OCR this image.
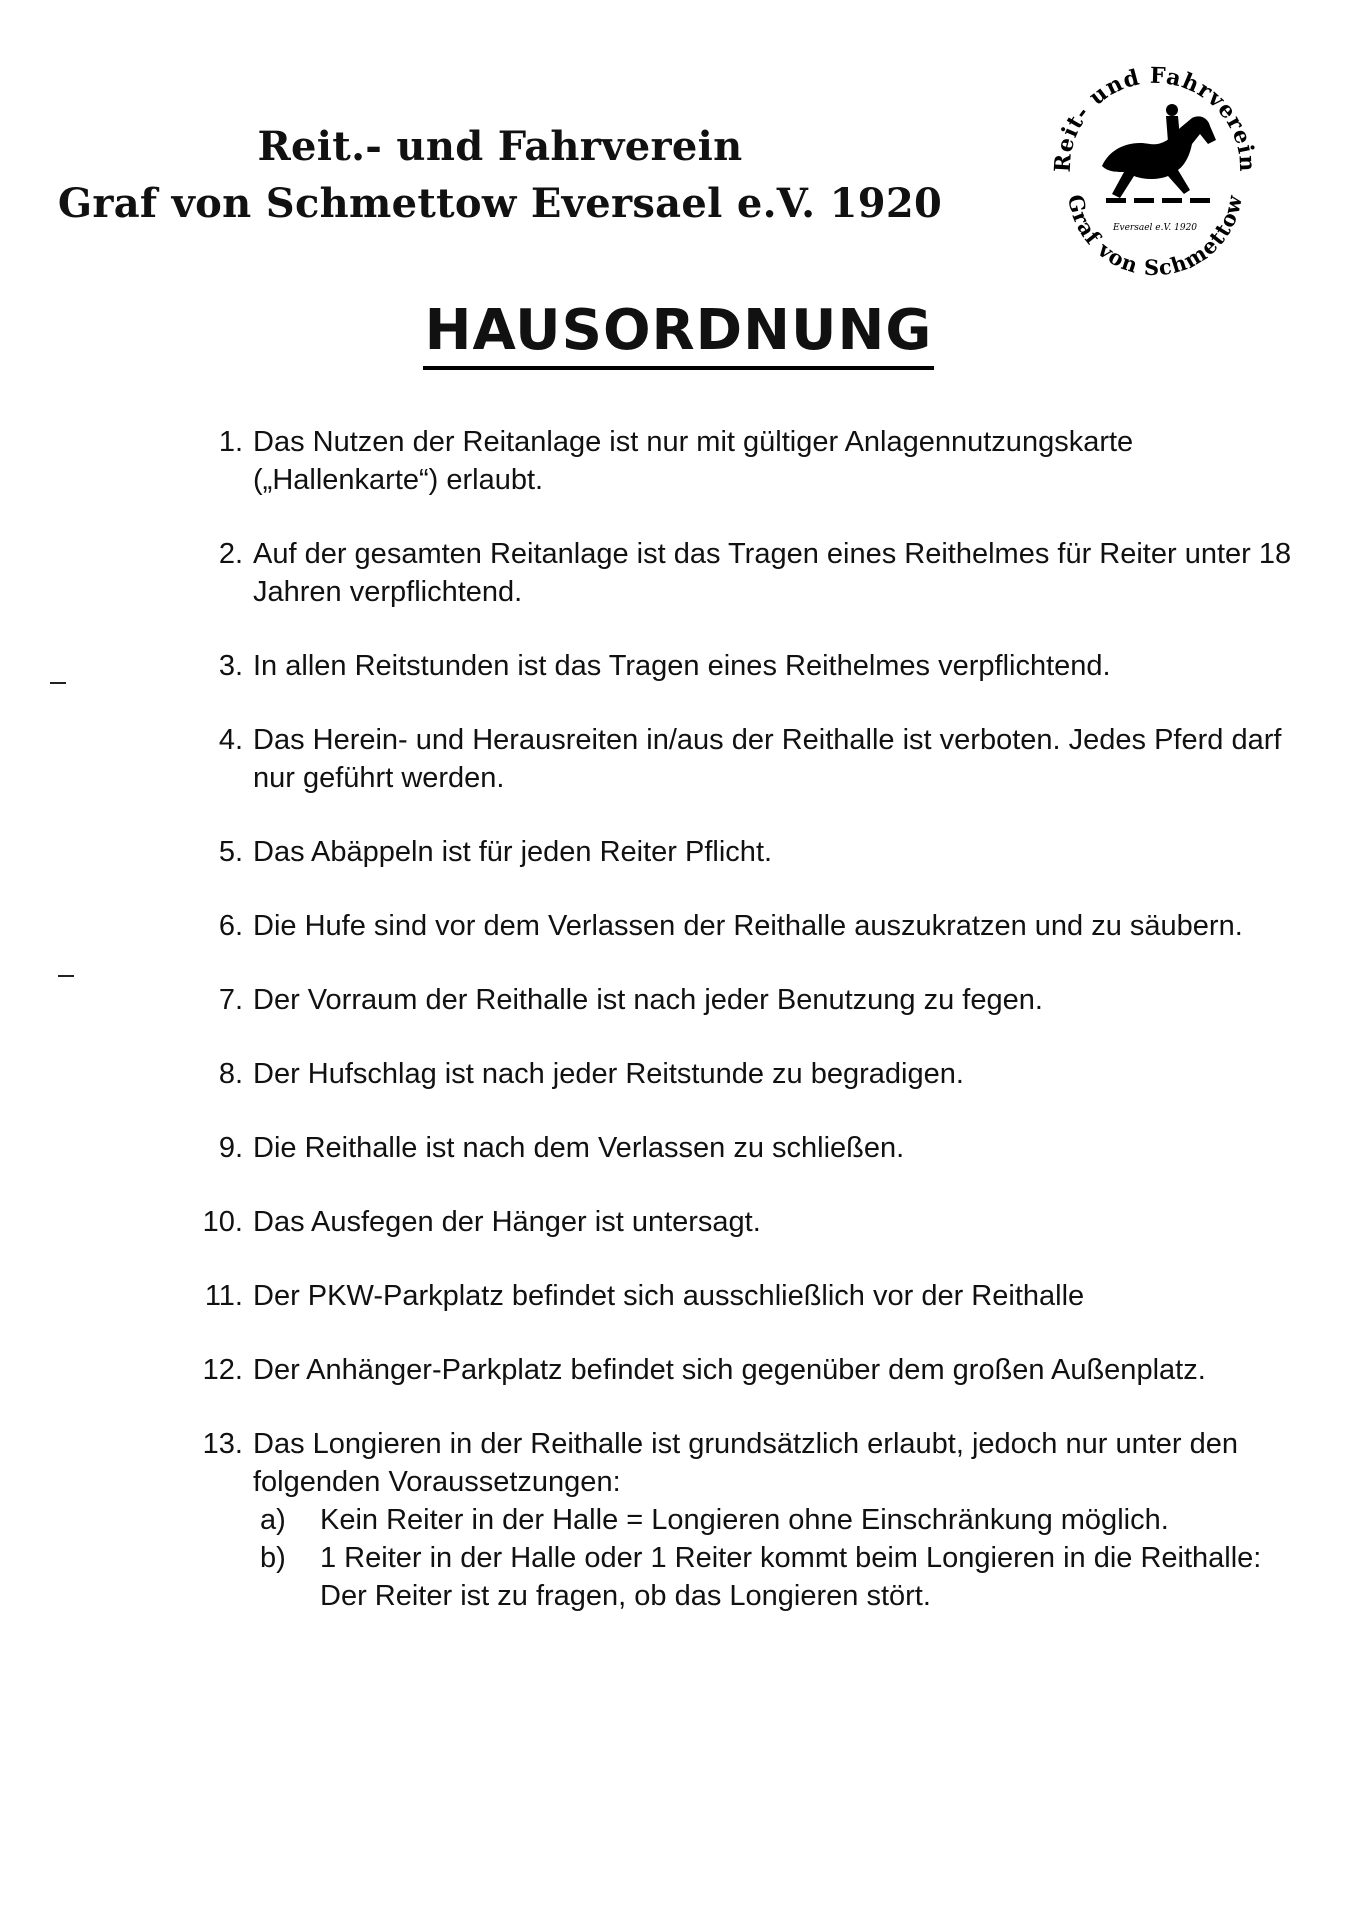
Reit.- und Fahrverein
Graf von Schmettow Eversael e.V. 1920
Reit- und Fahrverein
Graf von Schmettow
Eversael e.V. 1920
HAUSORDNUNG
1. Das Nutzen der Reitanlage ist nur mit gültiger Anlagennutzungskarte („Hallenkarte“) erlaubt.
2. Auf der gesamten Reitanlage ist das Tragen eines Reithelmes für Reiter unter 18 Jahren verpflichtend.
3. In allen Reitstunden ist das Tragen eines Reithelmes verpflichtend.
4. Das Herein- und Herausreiten in/aus der Reithalle ist verboten. Jedes Pferd darf nur geführt werden.
5. Das Abäppeln ist für jeden Reiter Pflicht.
6. Die Hufe sind vor dem Verlassen der Reithalle auszukratzen und zu säubern.
7. Der Vorraum der Reithalle ist nach jeder Benutzung zu fegen.
8. Der Hufschlag ist nach jeder Reitstunde zu begradigen.
9. Die Reithalle ist nach dem Verlassen zu schließen.
10. Das Ausfegen der Hänger ist untersagt.
11. Der PKW-Parkplatz befindet sich ausschließlich vor der Reithalle
12. Der Anhänger-Parkplatz befindet sich gegenüber dem großen Außenplatz.
13. Das Longieren in der Reithalle ist grundsätzlich erlaubt, jedoch nur unter den folgenden Voraussetzungen:
a)	Kein Reiter in der Halle = Longieren ohne Einschränkung möglich.
b)	1 Reiter in der Halle oder 1 Reiter kommt beim Longieren in die Reithalle: Der Reiter ist zu fragen, ob das Longieren stört.
